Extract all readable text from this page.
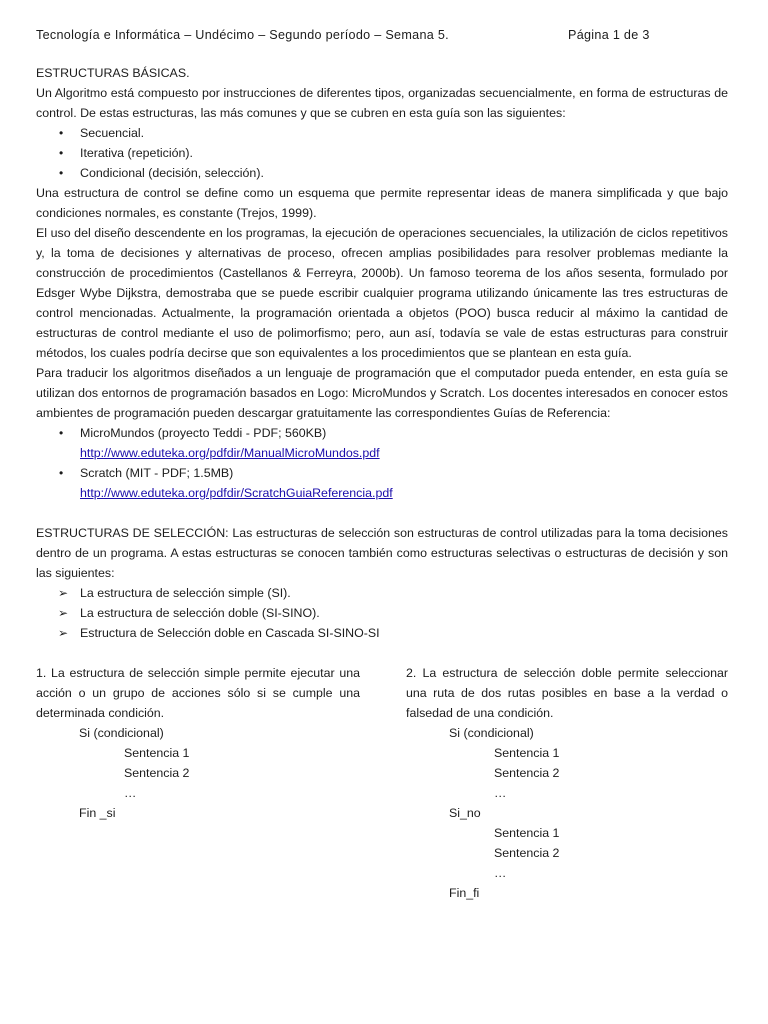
Tecnología e Informática – Undécimo – Segundo período – Semana 5.	Página 1 de 3

ESTRUCTURAS BÁSICAS.

Un Algoritmo está compuesto por instrucciones de diferentes tipos, organizadas secuencialmente, en forma de estructuras de control. De estas estructuras, las más comunes y que se cubren en esta guía son las siguientes:

• Secuencial.
• Iterativa (repetición).
• Condicional (decisión, selección).

Una estructura de control se define como un esquema que permite representar ideas de manera simplificada y que bajo condiciones normales, es constante (Trejos, 1999).

El uso del diseño descendente en los programas, la ejecución de operaciones secuenciales, la utilización de ciclos repetitivos y, la toma de decisiones y alternativas de proceso, ofrecen amplias posibilidades para resolver problemas mediante la construcción de procedimientos (Castellanos & Ferreyra, 2000b). Un famoso teorema de los años sesenta, formulado por Edsger Wybe Dijkstra, demostraba que se puede escribir cualquier programa utilizando únicamente las tres estructuras de control mencionadas. Actualmente, la programación orientada a objetos (POO) busca reducir al máximo la cantidad de estructuras de control mediante el uso de polimorfismo; pero, aun así, todavía se vale de estas estructuras para construir métodos, los cuales podría decirse que son equivalentes a los procedimientos que se plantean en esta guía.

Para traducir los algoritmos diseñados a un lenguaje de programación que el computador pueda entender, en esta guía se utilizan dos entornos de programación basados en Logo: MicroMundos y Scratch. Los docentes interesados en conocer estos ambientes de programación pueden descargar gratuitamente las correspondientes Guías de Referencia:

• MicroMundos (proyecto Teddi - PDF; 560KB)
http://www.eduteka.org/pdfdir/ManualMicroMundos.pdf
• Scratch (MIT - PDF; 1.5MB)
http://www.eduteka.org/pdfdir/ScratchGuiaReferencia.pdf

ESTRUCTURAS DE SELECCIÓN: Las estructuras de selección son estructuras de control utilizadas para la toma decisiones dentro de un programa. A estas estructuras se conocen también como estructuras selectivas o estructuras de decisión y son las siguientes:

➢ La estructura de selección simple (SI).
➢ La estructura de selección doble (SI-SINO).
➢ Estructura de Selección doble en Cascada SI-SINO-SI

1. La estructura de selección simple permite ejecutar una acción o un grupo de acciones sólo si se cumple una determinada condición.

Si (condicional)
Sentencia 1
Sentencia 2
…
Fin _si

2. La estructura de selección doble permite seleccionar una ruta de dos rutas posibles en base a la verdad o falsedad de una condición.

Si (condicional)
Sentencia 1
Sentencia 2
…
Si_no
Sentencia 1
Sentencia 2
…
Fin_fi
